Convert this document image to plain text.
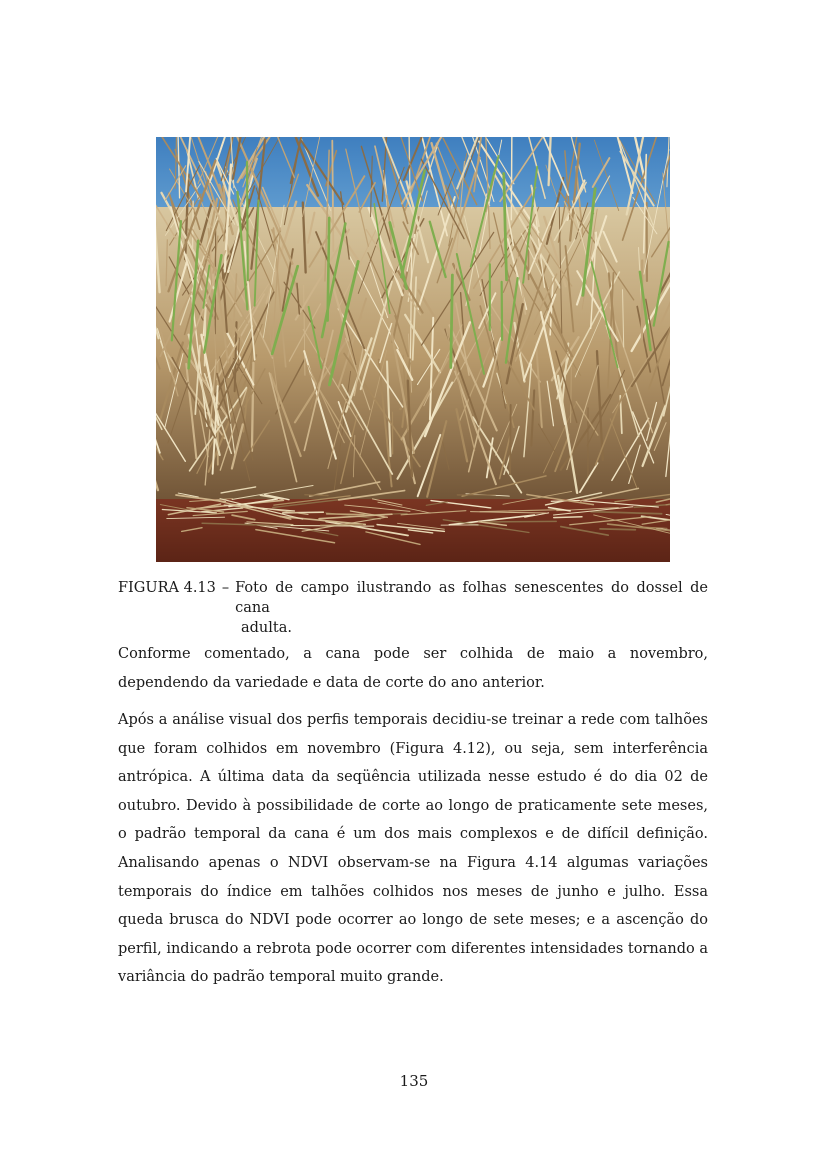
FIGURA 4.13 – Foto de campo ilustrando as folhas senescentes do dossel de cana
adulta.

Conforme comentado, a cana pode ser colhida de maio a novembro, dependendo da variedade e data de corte do ano anterior.

Após a análise visual dos perfis temporais decidiu-se treinar a rede com talhões que foram colhidos em novembro (Figura 4.12), ou seja, sem interferência antrópica. A última data da seqüência utilizada nesse estudo é do dia 02 de outubro. Devido à possibilidade de corte ao longo de praticamente sete meses, o padrão temporal da cana é um dos mais complexos e de difícil definição. Analisando apenas o NDVI observam-se na Figura 4.14 algumas variações temporais do índice em talhões colhidos nos meses de junho e julho. Essa queda brusca do NDVI pode ocorrer ao longo de sete meses; e a ascenção do perfil, indicando a rebrota pode ocorrer com diferentes intensidades tornando a variância do padrão temporal muito grande.

135
